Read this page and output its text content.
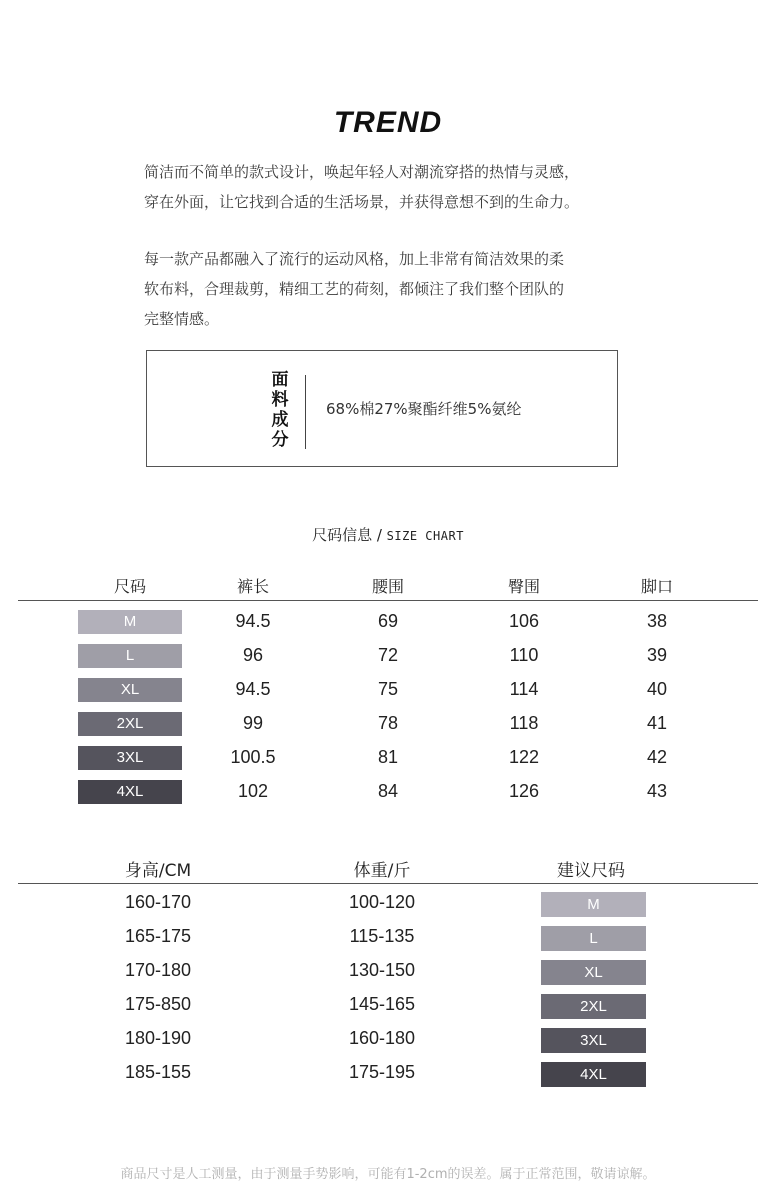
TREND
简洁而不简单的款式设计，唤起年轻人对潮流穿搭的热情与灵感，
穿在外面，让它找到合适的生活场景，并获得意想不到的生命力。
每一款产品都融入了流行的运动风格，加上非常有简洁效果的柔
软布料，合理裁剪，精细工艺的荷刻，都倾注了我们整个团队的
完整情感。
面
料
成
分
68%棉27%聚酯纤维5%氨纶
尺码信息 / SIZE CHART
尺码	裤长	腰围	臀围	脚口
M	94.5	69	106	38
L	96	72	110	39
XL	94.5	75	114	40
2XL	99	78	118	41
3XL	100.5	81	122	42
4XL	102	84	126	43
身高/CM	体重/斤	建议尺码
160-170	100-120	M
165-175	115-135	L
170-180	130-150	XL
175-850	145-165	2XL
180-190	160-180	3XL
185-155	175-195	4XL
商品尺寸是人工测量，由于测量手势影响，可能有1-2cm的误差。属于正常范围，敬请谅解。
